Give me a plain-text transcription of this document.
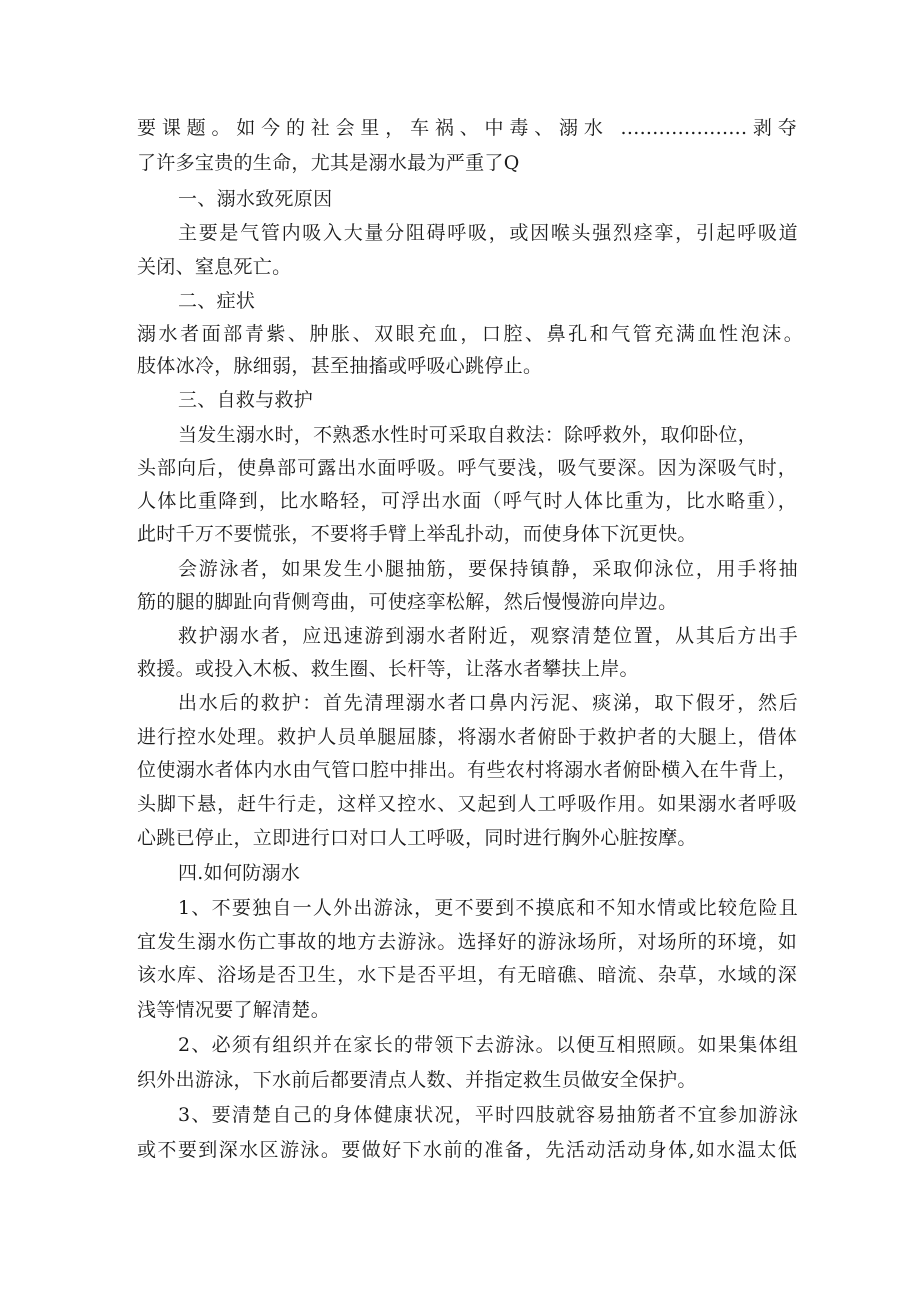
要课题。如今的社会里，车祸、中毒、溺水 ....................剥夺
了许多宝贵的生命，尤其是溺水最为严重了Q
一、溺水致死原因
主要是气管内吸入大量分阻碍呼吸，或因喉头强烈痉挛，引起呼吸道
关闭、窒息死亡。
二、症状
溺水者面部青紫、肿胀、双眼充血，口腔、鼻孔和气管充满血性泡沫。
肢体冰冷，脉细弱，甚至抽搐或呼吸心跳停止。
三、自救与救护
当发生溺水时，不熟悉水性时可采取自救法：除呼救外，取仰卧位，
头部向后，使鼻部可露出水面呼吸。呼气要浅，吸气要深。因为深吸气时，
人体比重降到，比水略轻，可浮出水面（呼气时人体比重为，比水略重），
此时千万不要慌张，不要将手臂上举乱扑动，而使身体下沉更快。
会游泳者，如果发生小腿抽筋，要保持镇静，采取仰泳位，用手将抽
筋的腿的脚趾向背侧弯曲，可使痉挛松解，然后慢慢游向岸边。
救护溺水者，应迅速游到溺水者附近，观察清楚位置，从其后方出手
救援。或投入木板、救生圈、长杆等，让落水者攀扶上岸。
出水后的救护：首先清理溺水者口鼻内污泥、痰涕，取下假牙，然后
进行控水处理。救护人员单腿屈膝，将溺水者俯卧于救护者的大腿上，借体
位使溺水者体内水由气管口腔中排出。有些农村将溺水者俯卧横入在牛背上，
头脚下悬，赶牛行走，这样又控水、又起到人工呼吸作用。如果溺水者呼吸
心跳已停止，立即进行口对口人工呼吸，同时进行胸外心脏按摩。
四.如何防溺水
1、不要独自一人外出游泳，更不要到不摸底和不知水情或比较危险且
宜发生溺水伤亡事故的地方去游泳。选择好的游泳场所，对场所的环境，如
该水库、浴场是否卫生，水下是否平坦，有无暗礁、暗流、杂草，水域的深
浅等情况要了解清楚。
2、必须有组织并在家长的带领下去游泳。以便互相照顾。如果集体组
织外出游泳，下水前后都要清点人数、并指定救生员做安全保护。
3、要清楚自己的身体健康状况，平时四肢就容易抽筋者不宜参加游泳
或不要到深水区游泳。要做好下水前的准备，先活动活动身体,如水温太低
